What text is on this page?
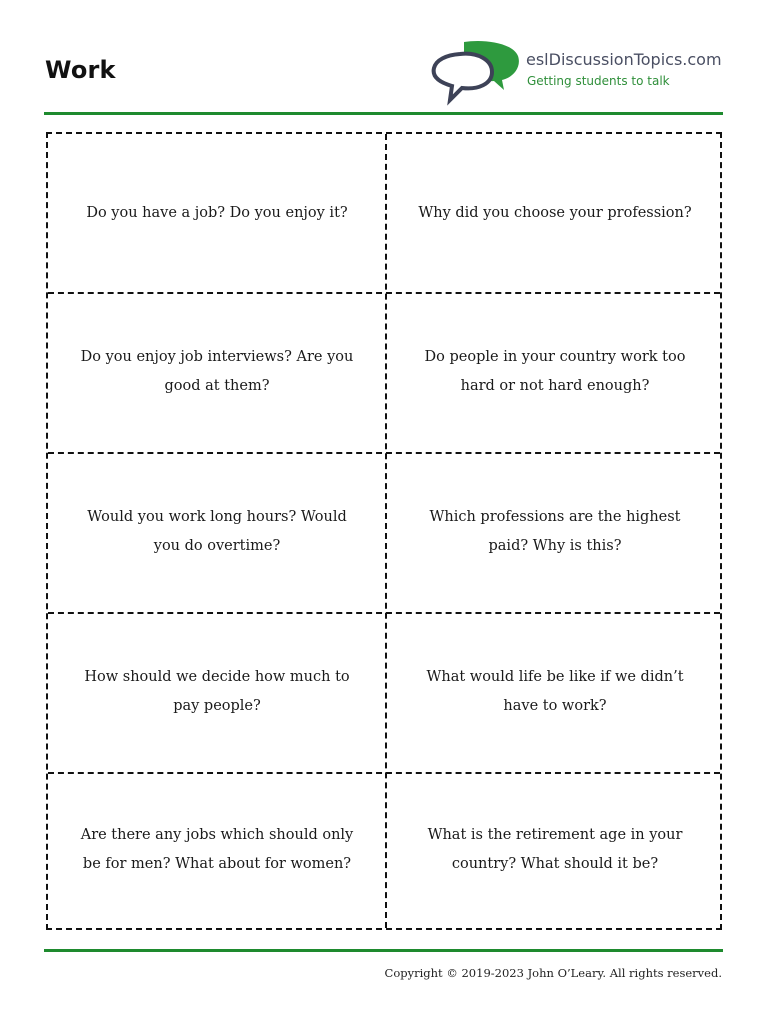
Work	eslDiscussionTopics.com
Getting students to talk
Do you have a job? Do you enjoy it?	Why did you choose your profession?
Do you enjoy job interviews? Are you good at them?
Do people in your country work too hard or not hard enough?
Would you work long hours? Would you do overtime?
Which professions are the highest paid? Why is this?
How should we decide how much to pay people?
What would life be like if we didn’t have to work?
Are there any jobs which should only be for men? What about for women?
What is the retirement age in your country? What should it be?
Copyright © 2019-2023 John O’Leary. All rights reserved.
